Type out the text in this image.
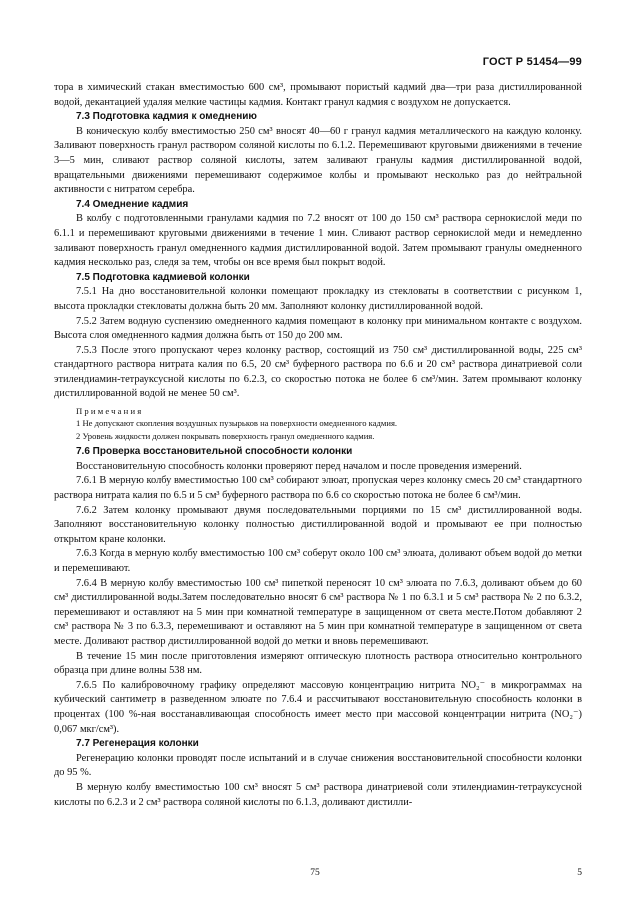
ГОСТ Р 51454—99

тора в химический стакан вместимостью 600 см³, промывают пористый кадмий два—три раза дистиллированной водой, декантацией удаляя мелкие частицы кадмия. Контакт гранул кадмия с воздухом не допускается.

7.3 Подготовка кадмия к омеднению

В коническую колбу вместимостью 250 см³ вносят 40—60 г гранул кадмия металлического на каждую колонку. Заливают поверхность гранул раствором соляной кислоты по 6.1.2. Перемешивают круговыми движениями в течение 3—5 мин, сливают раствор соляной кислоты, затем заливают гранулы кадмия дистиллированной водой, вращательными движениями перемешивают содержимое колбы и промывают несколько раз до нейтральной активности с нитратом серебра.

7.4 Омеднение кадмия

В колбу с подготовленными гранулами кадмия по 7.2 вносят от 100 до 150 см³ раствора сернокислой меди по 6.1.1 и перемешивают круговыми движениями в течение 1 мин. Сливают раствор сернокислой меди и немедленно заливают поверхность гранул омедненного кадмия дистиллированной водой. Затем промывают гранулы омедненного кадмия несколько раз, следя за тем, чтобы он все время был покрыт водой.

7.5 Подготовка кадмиевой колонки

7.5.1 На дно восстановительной колонки помещают прокладку из стекловаты в соответствии с рисунком 1, высота прокладки стекловаты должна быть 20 мм. Заполняют колонку дистиллированной водой.

7.5.2 Затем водную суспензию омедненного кадмия помещают в колонку при минимальном контакте с воздухом. Высота слоя омедненного кадмия должна быть от 150 до 200 мм.

7.5.3 После этого пропускают через колонку раствор, состоящий из 750 см³ дистиллированной воды, 225 см³ стандартного раствора нитрата калия по 6.5, 20 см³ буферного раствора по 6.6 и 20 см³ раствора динатриевой соли этилендиамин-тетрауксусной кислоты по 6.2.3, со скоростью потока не более 6 см³/мин. Затем промывают колонку дистиллированной водой не менее 50 см³.

Примечания
1 Не допускают скопления воздушных пузырьков на поверхности омедненного кадмия.
2 Уровень жидкости должен покрывать поверхность гранул омедненного кадмия.
7.6 Проверка восстановительной способности колонки

Восстановительную способность колонки проверяют перед началом и после проведения измерений.

7.6.1 В мерную колбу вместимостью 100 см³ собирают элюат, пропуская через колонку смесь 20 см³ стандартного раствора нитрата калия по 6.5 и 5 см³ буферного раствора по 6.6 со скоростью потока не более 6 см³/мин.

7.6.2 Затем колонку промывают двумя последовательными порциями по 15 см³ дистиллированной воды. Заполняют восстановительную колонку полностью дистиллированной водой и промывают ее при полностью открытом кране колонки.

7.6.3 Когда в мерную колбу вместимостью 100 см³ соберут около 100 см³ элюата, доливают объем водой до метки и перемешивают.

7.6.4 В мерную колбу вместимостью 100 см³ пипеткой переносят 10 см³ элюата по 7.6.3, доливают объем до 60 см³ дистиллированной воды.Затем последовательно вносят 6 см³ раствора № 1 по 6.3.1 и 5 см³ раствора № 2 по 6.3.2, перемешивают и оставляют на 5 мин при комнатной температуре в защищенном от света месте.Потом добавляют 2 см³ раствора № 3 по 6.3.3, перемешивают и оставляют на 5 мин при комнатной температуре в защищенном от света месте. Доливают раствор дистиллированной водой до метки и вновь перемешивают.

В течение 15 мин после приготовления измеряют оптическую плотность раствора относительно контрольного образца при длине волны 538 нм.

7.6.5 По калибровочному графику определяют массовую концентрацию нитрита NO₂⁻ в микрограммах на кубический сантиметр в разведенном элюате по 7.6.4 и рассчитывают восстановительную способность колонки в процентах (100 %-ная восстанавливающая способность имеет место при массовой концентрации нитрита (NO₂⁻) 0,067 мкг/см³).

7.7 Регенерация колонки

Регенерацию колонки проводят после испытаний и в случае снижения восстановительной способности колонки до 95 %.

В мерную колбу вместимостью 100 см³ вносят 5 см³ раствора динатриевой соли этилендиамин-тетрауксусной кислоты по 6.2.3 и 2 см³ раствора соляной кислоты по 6.1.3, доливают дистилли-

75	5
